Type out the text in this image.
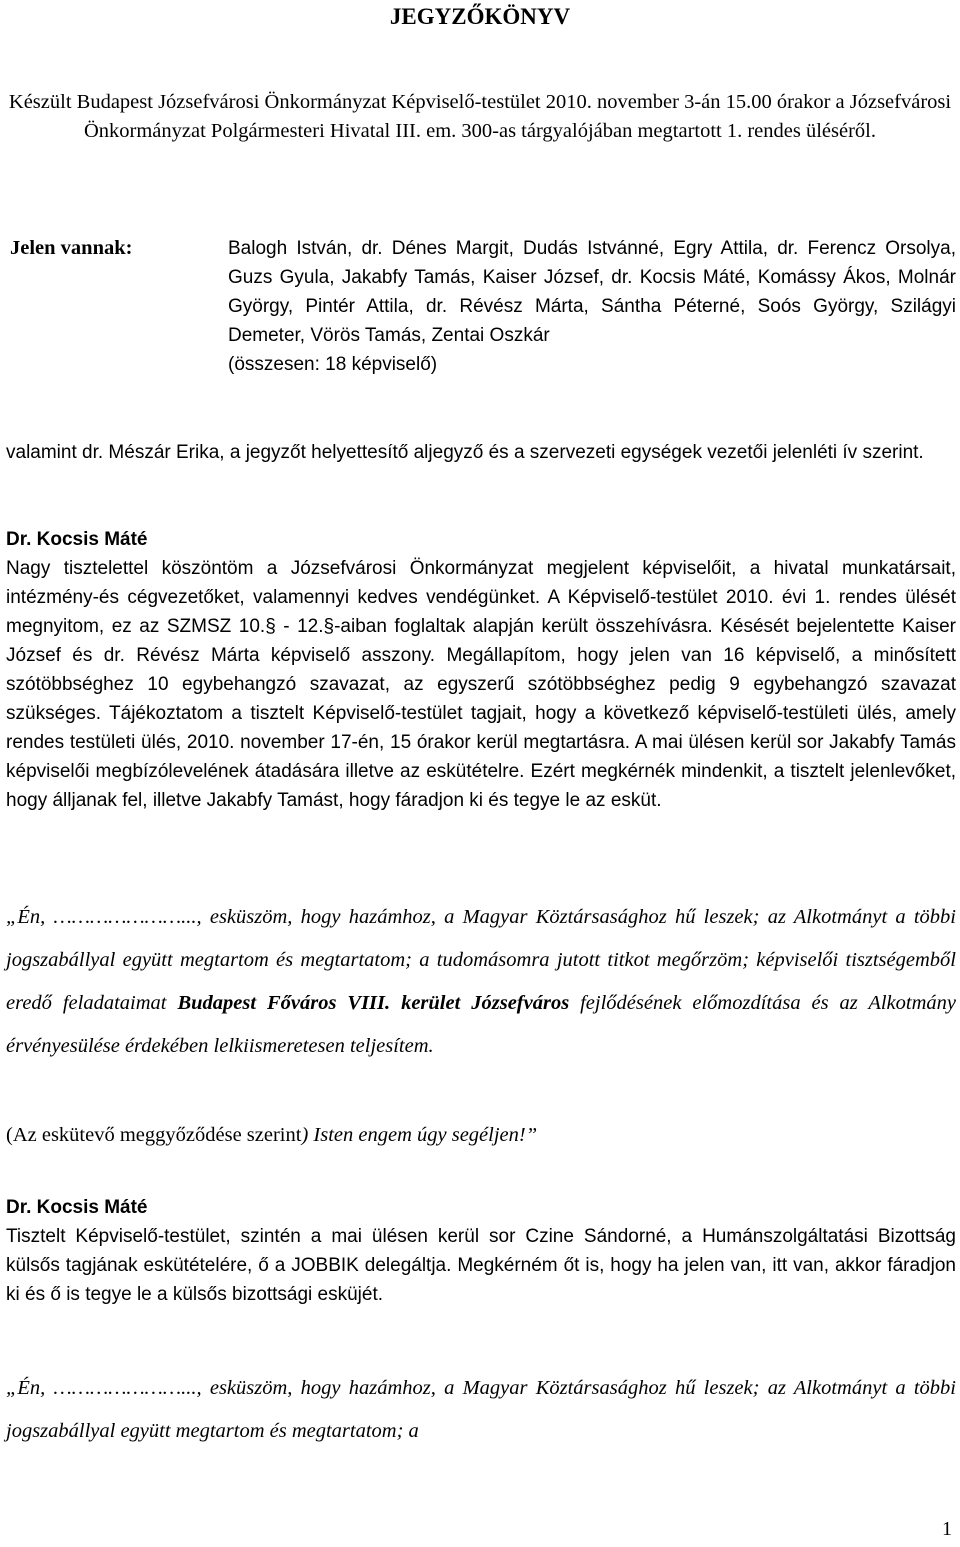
JEGYZŐKÖNYV
Készült Budapest Józsefvárosi Önkormányzat Képviselő-testület 2010. november 3-án 15.00 órakor a Józsefvárosi Önkormányzat Polgármesteri Hivatal III. em. 300-as tárgyalójában megtartott 1. rendes üléséről.
Jelen vannak:	Balogh István, dr. Dénes Margit, Dudás Istvánné, Egry Attila, dr. Ferencz Orsolya, Guzs Gyula, Jakabfy Tamás, Kaiser József, dr. Kocsis Máté, Komássy Ákos, Molnár György, Pintér Attila, dr. Révész Márta, Sántha Péterné, Soós György, Szilágyi Demeter, Vörös Tamás, Zentai Oszkár

(összesen: 18 képviselő)
valamint dr. Mészár Erika, a jegyzőt helyettesítő aljegyző és a szervezeti egységek vezetői jelenléti ív szerint.
Dr. Kocsis Máté
Nagy tisztelettel köszöntöm a Józsefvárosi Önkormányzat megjelent képviselőit, a hivatal munkatársait, intézmény-és cégvezetőket, valamennyi kedves vendégünket. A Képviselő-testület 2010. évi 1. rendes ülését megnyitom, ez az SZMSZ 10.§ - 12.§-aiban foglaltak alapján került összehívásra. Késését bejelentette Kaiser József és dr. Révész Márta képviselő asszony. Megállapítom, hogy jelen van 16 képviselő, a minősített szótöbbséghez 10 egybehangzó szavazat, az egyszerű szótöbbséghez pedig 9 egybehangzó szavazat szükséges. Tájékoztatom a tisztelt Képviselő-testület tagjait, hogy a következő képviselő-testületi ülés, amely rendes testületi ülés, 2010. november 17-én, 15 órakor kerül megtartásra. A mai ülésen kerül sor Jakabfy Tamás képviselői megbízólevelének átadására illetve az eskütételre. Ezért megkérnék mindenkit, a tisztelt jelenlevőket, hogy álljanak fel, illetve Jakabfy Tamást, hogy fáradjon ki és tegye le az esküt.
„Én, …………………..., esküszöm, hogy hazámhoz, a Magyar Köztársasághoz hű leszek; az Alkotmányt a többi jogszabállyal együtt megtartom és megtartatom; a tudomásomra jutott titkot megőrzöm; képviselői tisztségemből eredő feladataimat Budapest Főváros VIII. kerület Józsefváros fejlődésének előmozdítása és az Alkotmány érvényesülése érdekében lelkiismeretesen teljesítem.
(Az eskütevő meggyőződése szerint) Isten engem úgy segéljen!”
Dr. Kocsis Máté
Tisztelt Képviselő-testület, szintén a mai ülésen kerül sor Czine Sándorné, a Humánszolgáltatási Bizottság külsős tagjának eskütételére, ő a JOBBIK delegáltja. Megkérném őt is, hogy ha jelen van, itt van, akkor fáradjon ki és ő is tegye le a külsős bizottsági esküjét.
„Én, …………………..., esküszöm, hogy hazámhoz, a Magyar Köztársasághoz hű leszek; az Alkotmányt a többi jogszabállyal együtt megtartom és megtartatom; a
1
